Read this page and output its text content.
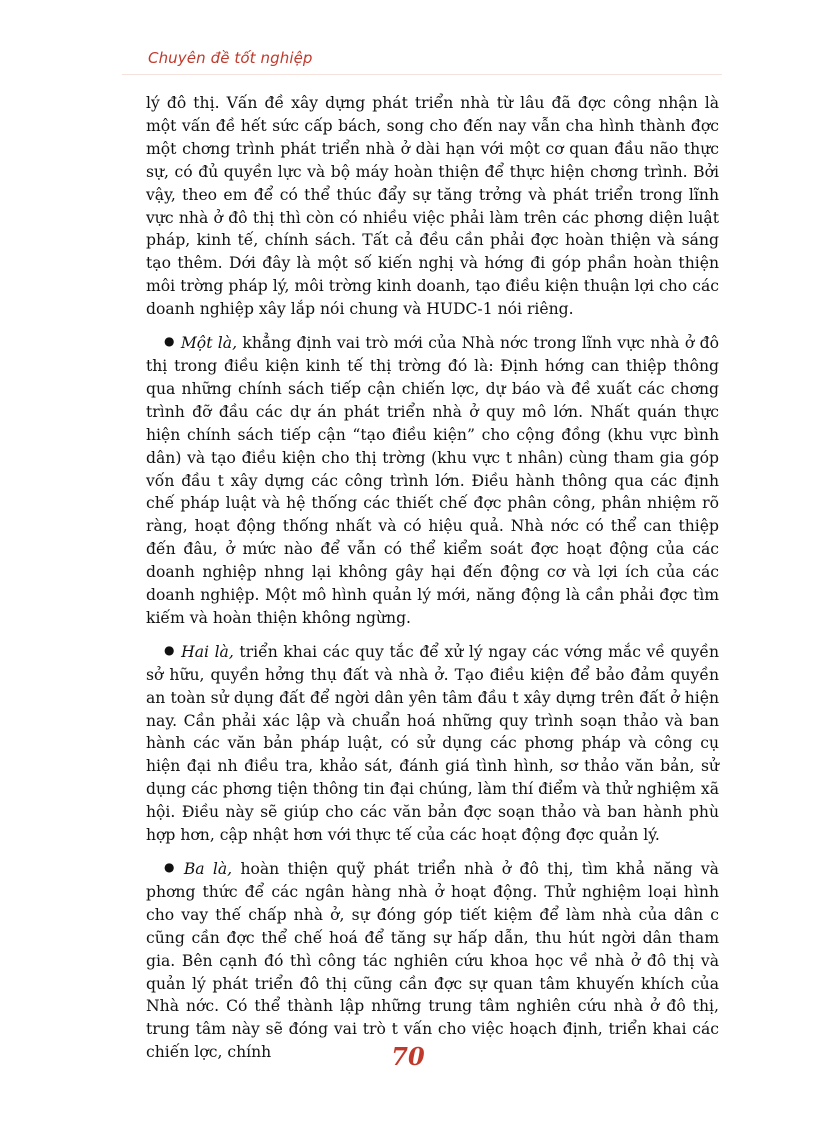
Chuyên đề tốt nghiệp

lý đô thị. Vấn đề xây dựng phát triển nhà từ lâu đã đợc công nhận là một vấn đề hết sức cấp bách, song cho đến nay vẫn cha hình thành đợc một chơng trình phát triển nhà ở dài hạn với một cơ quan đầu não thực sự, có đủ quyền lực và bộ máy hoàn thiện để thực hiện chơng trình. Bởi vậy, theo em để có thể thúc đẩy sự tăng trởng và phát triển trong lĩnh vực nhà ở đô thị thì còn có nhiều việc phải làm trên các phơng diện luật pháp, kinh tế, chính sách. Tất cả đều cần phải đợc hoàn thiện và sáng tạo thêm. Dới đây là một số kiến nghị và hớng đi góp phần hoàn thiện môi trờng pháp lý, môi trờng kinh doanh, tạo điều kiện thuận lợi cho các doanh nghiệp xây lắp nói chung và HUDC-1 nói riêng.

● Một là, khẳng định vai trò mới của Nhà nớc trong lĩnh vực nhà ở đô thị trong điều kiện kinh tế thị trờng đó là: Định hớng can thiệp thông qua những chính sách tiếp cận chiến lợc, dự báo và đề xuất các chơng trình đỡ đầu các dự án phát triển nhà ở quy mô lớn. Nhất quán thực hiện chính sách tiếp cận “tạo điều kiện” cho cộng đồng (khu vực bình dân) và tạo điều kiện cho thị trờng (khu vực t nhân) cùng tham gia góp vốn đầu t xây dựng các công trình lớn. Điều hành thông qua các định chế pháp luật và hệ thống các thiết chế đợc phân công, phân nhiệm rõ ràng, hoạt động thống nhất và có hiệu quả. Nhà nớc có thể can thiệp đến đâu, ở mức nào để vẫn có thể kiểm soát đợc hoạt động của các doanh nghiệp nhng lại không gây hại đến động cơ và lợi ích của các doanh nghiệp. Một mô hình quản lý mới, năng động là cần phải đợc tìm kiếm và hoàn thiện không ngừng.

● Hai là, triển khai các quy tắc để xử lý ngay các vớng mắc về quyền sở hữu, quyền hởng thụ đất và nhà ở. Tạo điều kiện để bảo đảm quyền an toàn sử dụng đất để ngời dân yên tâm đầu t xây dựng trên đất ở hiện nay. Cần phải xác lập và chuẩn hoá những quy trình soạn thảo và ban hành các văn bản pháp luật, có sử dụng các phơng pháp và công cụ hiện đại nh điều tra, khảo sát, đánh giá tình hình, sơ thảo văn bản, sử dụng các phơng tiện thông tin đại chúng, làm thí điểm và thử nghiệm xã hội. Điều này sẽ giúp cho các văn bản đợc soạn thảo và ban hành phù hợp hơn, cập nhật hơn với thực tế của các hoạt động đợc quản lý.

● Ba là, hoàn thiện quỹ phát triển nhà ở đô thị, tìm khả năng và phơng thức để các ngân hàng nhà ở hoạt động. Thử nghiệm loại hình cho vay thế chấp nhà ở, sự đóng góp tiết kiệm để làm nhà của dân c cũng cần đợc thể chế hoá để tăng sự hấp dẫn, thu hút ngời dân tham gia. Bên cạnh đó thì công tác nghiên cứu khoa học về nhà ở đô thị và quản lý phát triển đô thị cũng cần đợc sự quan tâm khuyến khích của Nhà nớc. Có thể thành lập những trung tâm nghiên cứu nhà ở đô thị, trung tâm này sẽ đóng vai trò t vấn cho việc hoạch định, triển khai các chiến lợc, chính	70
